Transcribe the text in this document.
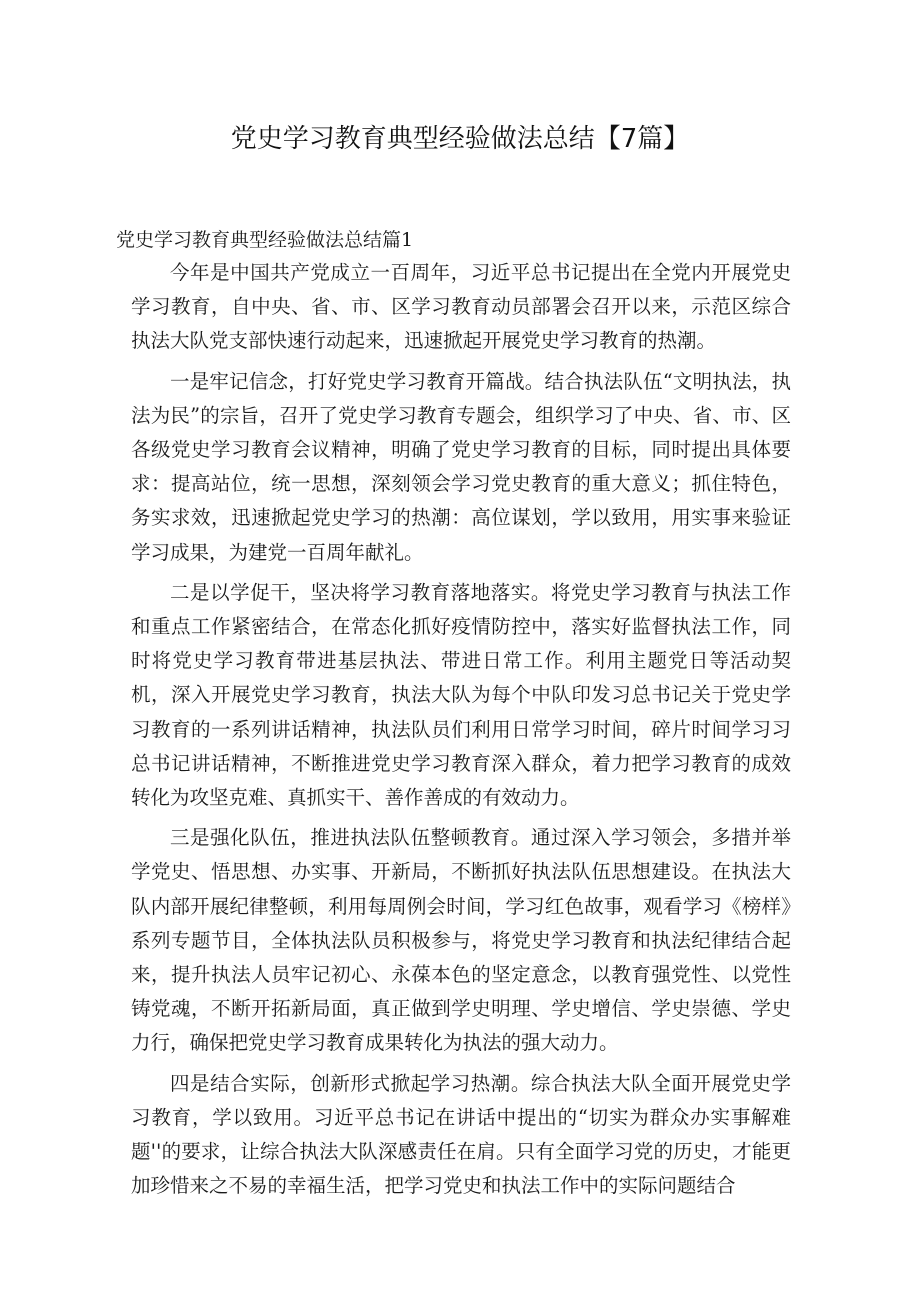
党史学习教育典型经验做法总结【7篇】
党史学习教育典型经验做法总结篇1

今年是中国共产党成立一百周年，习近平总书记提出在全党内开展党史学习教育，自中央、省、市、区学习教育动员部署会召开以来，示范区综合执法大队党支部快速行动起来，迅速掀起开展党史学习教育的热潮。

一是牢记信念，打好党史学习教育开篇战。结合执法队伍“文明执法，执法为民”的宗旨，召开了党史学习教育专题会，组织学习了中央、省、市、区各级党史学习教育会议精神，明确了党史学习教育的目标，同时提出具体要求：提高站位，统一思想，深刻领会学习党史教育的重大意义；抓住特色，务实求效，迅速掀起党史学习的热潮：高位谋划，学以致用，用实事来验证学习成果，为建党一百周年献礼。

二是以学促干，坚决将学习教育落地落实。将党史学习教育与执法工作和重点工作紧密结合，在常态化抓好疫情防控中，落实好监督执法工作，同时将党史学习教育带进基层执法、带进日常工作。利用主题党日等活动契机，深入开展党史学习教育，执法大队为每个中队印发习总书记关于党史学习教育的一系列讲话精神，执法队员们利用日常学习时间，碎片时间学习习总书记讲话精神，不断推进党史学习教育深入群众，着力把学习教育的成效转化为攻坚克难、真抓实干、善作善成的有效动力。

三是强化队伍，推进执法队伍整顿教育。通过深入学习领会，多措并举学党史、悟思想、办实事、开新局，不断抓好执法队伍思想建设。在执法大队内部开展纪律整顿，利用每周例会时间，学习红色故事，观看学习《榜样》系列专题节目，全体执法队员积极参与，将党史学习教育和执法纪律结合起来，提升执法人员牢记初心、永葆本色的坚定意念，以教育强党性、以党性铸党魂，不断开拓新局面，真正做到学史明理、学史增信、学史崇德、学史力行，确保把党史学习教育成果转化为执法的强大动力。

四是结合实际，创新形式掀起学习热潮。综合执法大队全面开展党史学习教育，学以致用。习近平总书记在讲话中提出的“切实为群众办实事解难题''的要求，让综合执法大队深感责任在肩。只有全面学习党的历史，才能更加珍惜来之不易的幸福生活，把学习党史和执法工作中的实际问题结合
